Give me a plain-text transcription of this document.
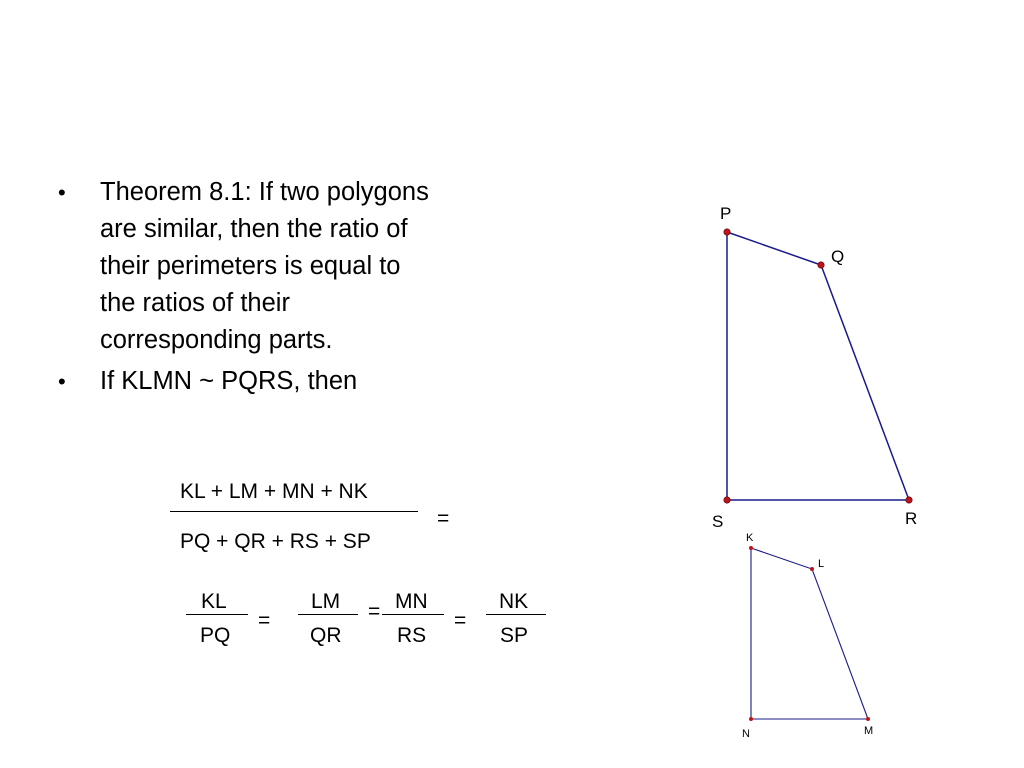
• Theorem 8.1: If two polygons are similar, then the ratio of their perimeters is equal to the ratios of their corresponding parts.
• If KLMN ~ PQRS, then
KL + LM + MN + NK
PQ + QR + RS + SP
=
KL
PQ
=
LM
QR
= MN
RS
=
NK
SP
P
Q
R
S
K
L
M
N
